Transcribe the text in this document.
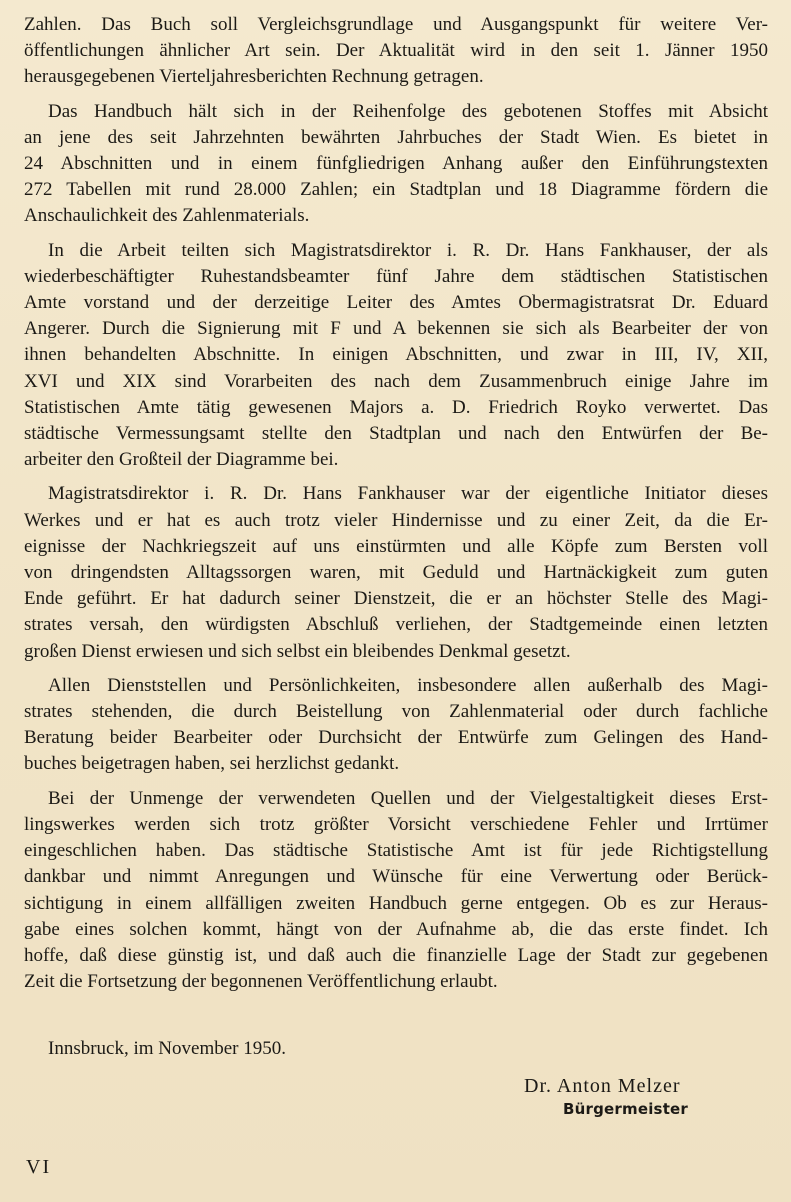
Zahlen. Das Buch soll Vergleichsgrundlage und Ausgangspunkt für weitere Ver-
öffentlichungen ähnlicher Art sein. Der Aktualität wird in den seit 1. Jänner 1950
herausgegebenen Vierteljahresberichten Rechnung getragen.

Das Handbuch hält sich in der Reihenfolge des gebotenen Stoffes mit Absicht
an jene des seit Jahrzehnten bewährten Jahrbuches der Stadt Wien. Es bietet in
24 Abschnitten und in einem fünfgliedrigen Anhang außer den Einführungstexten
272 Tabellen mit rund 28.000 Zahlen; ein Stadtplan und 18 Diagramme fördern die
Anschaulichkeit des Zahlenmaterials.

In die Arbeit teilten sich Magistratsdirektor i. R. Dr. Hans Fankhauser, der als
wiederbeschäftigter Ruhestandsbeamter fünf Jahre dem städtischen Statistischen
Amte vorstand und der derzeitige Leiter des Amtes Obermagistratsrat Dr. Eduard
Angerer. Durch die Signierung mit F und A bekennen sie sich als Bearbeiter der von
ihnen behandelten Abschnitte. In einigen Abschnitten, und zwar in III, IV, XII,
XVI und XIX sind Vorarbeiten des nach dem Zusammenbruch einige Jahre im
Statistischen Amte tätig gewesenen Majors a. D. Friedrich Royko verwertet. Das
städtische Vermessungsamt stellte den Stadtplan und nach den Entwürfen der Be-
arbeiter den Großteil der Diagramme bei.

Magistratsdirektor i. R. Dr. Hans Fankhauser war der eigentliche Initiator dieses
Werkes und er hat es auch trotz vieler Hindernisse und zu einer Zeit, da die Er-
eignisse der Nachkriegszeit auf uns einstürmten und alle Köpfe zum Bersten voll
von dringendsten Alltagssorgen waren, mit Geduld und Hartnäckigkeit zum guten
Ende geführt. Er hat dadurch seiner Dienstzeit, die er an höchster Stelle des Magi-
strates versah, den würdigsten Abschluß verliehen, der Stadtgemeinde einen letzten
großen Dienst erwiesen und sich selbst ein bleibendes Denkmal gesetzt.

Allen Dienststellen und Persönlichkeiten, insbesondere allen außerhalb des Magi-
strates stehenden, die durch Beistellung von Zahlenmaterial oder durch fachliche
Beratung beider Bearbeiter oder Durchsicht der Entwürfe zum Gelingen des Hand-
buches beigetragen haben, sei herzlichst gedankt.

Bei der Unmenge der verwendeten Quellen und der Vielgestaltigkeit dieses Erst-
lingswerkes werden sich trotz größter Vorsicht verschiedene Fehler und Irrtümer
eingeschlichen haben. Das städtische Statistische Amt ist für jede Richtigstellung
dankbar und nimmt Anregungen und Wünsche für eine Verwertung oder Berück-
sichtigung in einem allfälligen zweiten Handbuch gerne entgegen. Ob es zur Heraus-
gabe eines solchen kommt, hängt von der Aufnahme ab, die das erste findet. Ich
hoffe, daß diese günstig ist, und daß auch die finanzielle Lage der Stadt zur gegebenen
Zeit die Fortsetzung der begonnenen Veröffentlichung erlaubt.

Innsbruck, im November 1950.
Dr. Anton Melzer
Bürgermeister
VI
